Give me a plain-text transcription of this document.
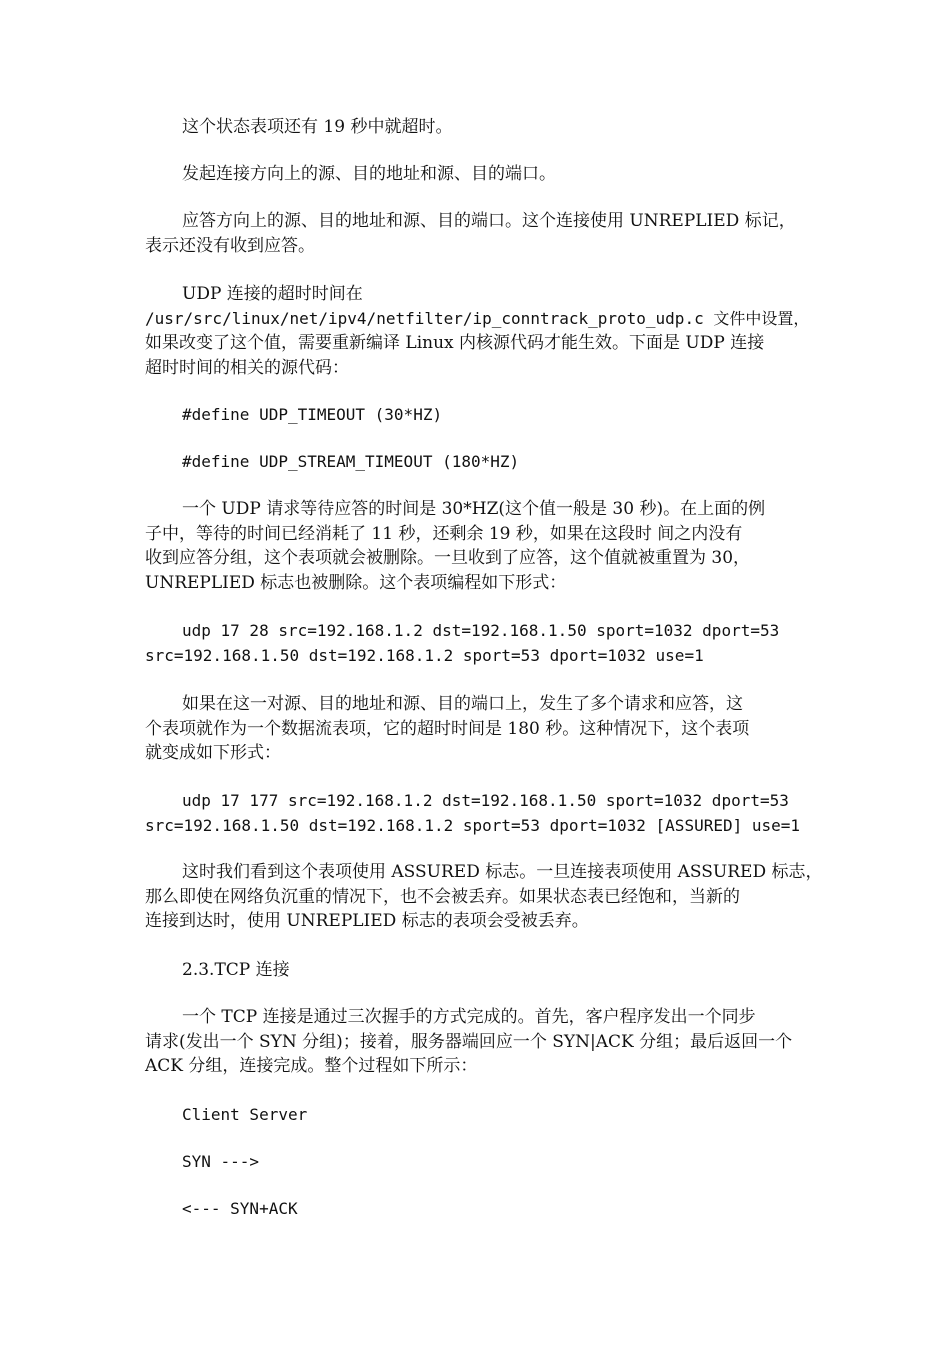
这个状态表项还有 19 秒中就超时。
发起连接方向上的源、目的地址和源、目的端口。
应答方向上的源、目的地址和源、目的端口。这个连接使用 UNREPLIED 标记，
表示还没有收到应答。
UDP 连接的超时时间在
/usr/src/linux/net/ipv4/netfilter/ip_conntrack_proto_udp.c 文件中设置，
如果改变了这个值，需要重新编译 Linux 内核源代码才能生效。下面是 UDP 连接
超时时间的相关的源代码：
#define UDP_TIMEOUT (30*HZ)
#define UDP_STREAM_TIMEOUT (180*HZ)
一个 UDP 请求等待应答的时间是 30*HZ(这个值一般是 30 秒)。在上面的例
子中，等待的时间已经消耗了 11 秒，还剩余 19 秒，如果在这段时 间之内没有
收到应答分组，这个表项就会被删除。一旦收到了应答，这个值就被重置为 30，
UNREPLIED 标志也被删除。这个表项编程如下形式：
udp 17 28 src=192.168.1.2 dst=192.168.1.50 sport=1032 dport=53
src=192.168.1.50 dst=192.168.1.2 sport=53 dport=1032 use=1
如果在这一对源、目的地址和源、目的端口上，发生了多个请求和应答，这
个表项就作为一个数据流表项，它的超时时间是 180 秒。这种情况下，这个表项
就变成如下形式：
udp 17 177 src=192.168.1.2 dst=192.168.1.50 sport=1032 dport=53
src=192.168.1.50 dst=192.168.1.2 sport=53 dport=1032 [ASSURED] use=1
这时我们看到这个表项使用 ASSURED 标志。一旦连接表项使用 ASSURED 标志，
那么即使在网络负沉重的情况下，也不会被丢弃。如果状态表已经饱和，当新的
连接到达时，使用 UNREPLIED 标志的表项会受被丢弃。
2.3.TCP 连接
一个 TCP 连接是通过三次握手的方式完成的。首先，客户程序发出一个同步
请求(发出一个 SYN 分组)；接着，服务器端回应一个 SYN|ACK 分组；最后返回一个
ACK 分组，连接完成。整个过程如下所示：
Client Server
SYN --->
<--- SYN+ACK
